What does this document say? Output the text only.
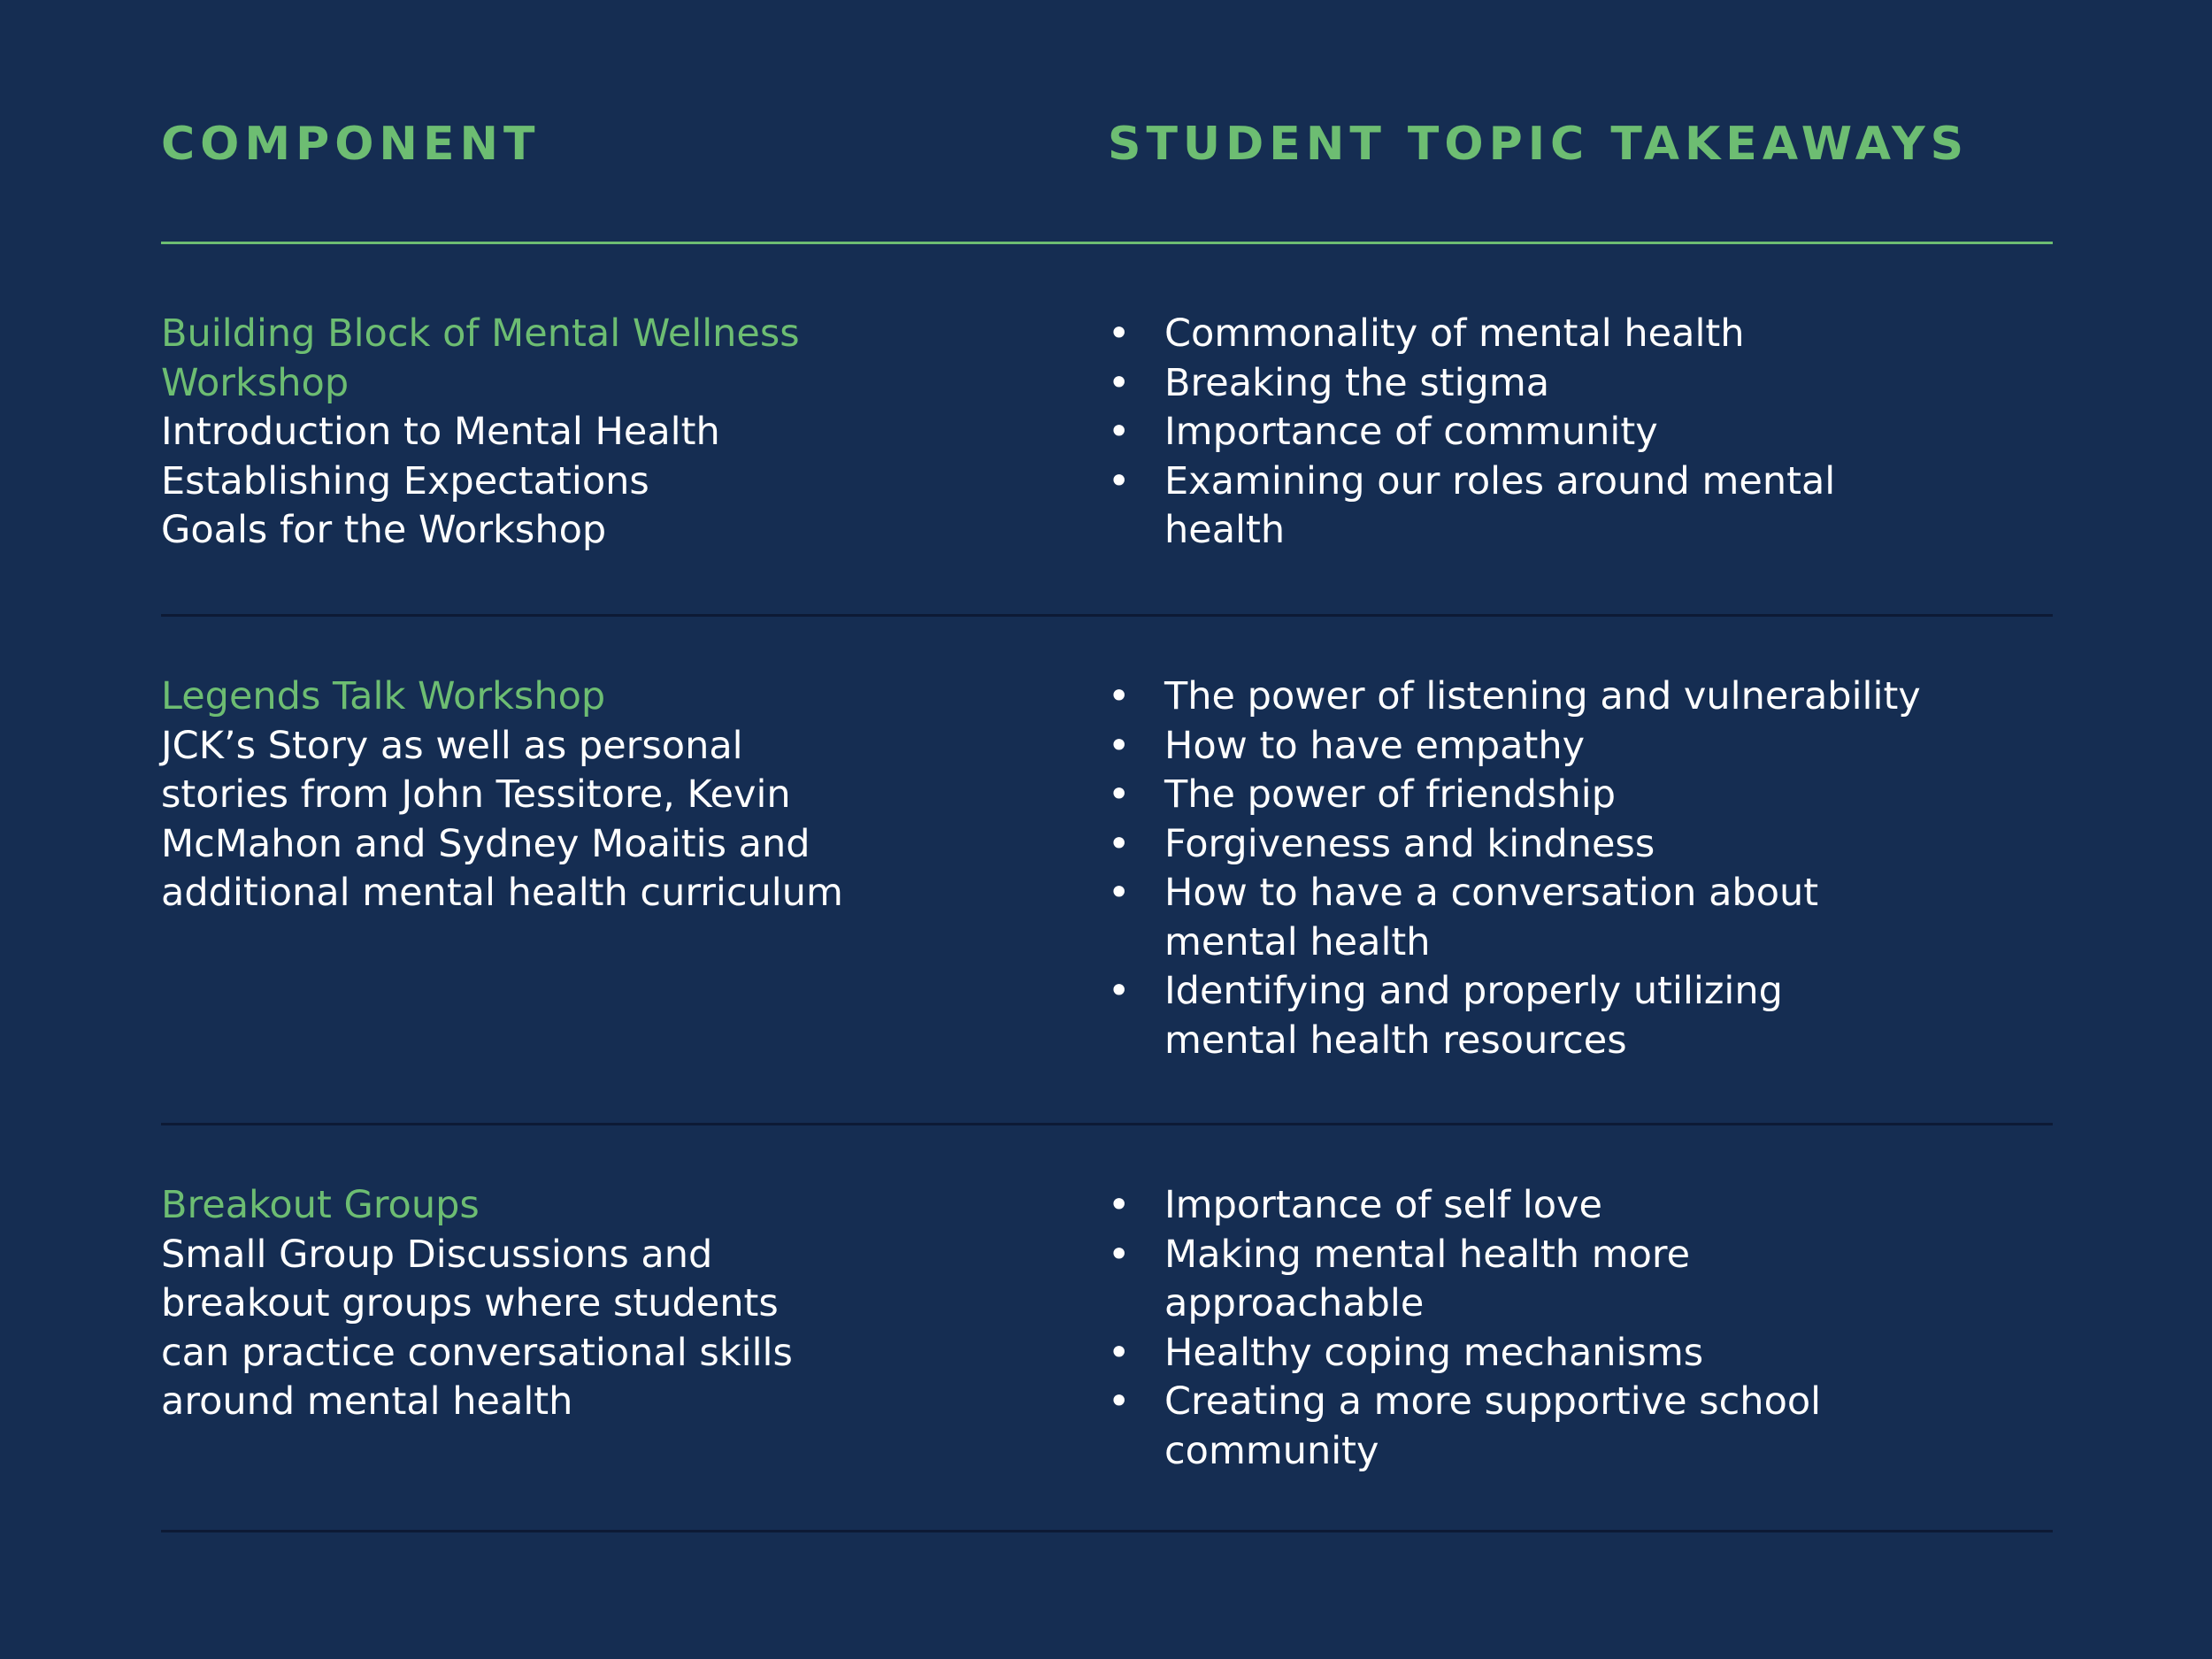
COMPONENT	STUDENT TOPIC TAKEAWAYS
Building Block of Mental Wellness
Workshop
Introduction to Mental Health
Establishing Expectations
Goals for the Workshop
• Commonality of mental health
• Breaking the stigma
• Importance of community
• Examining our roles around mental
health
Legends Talk Workshop
JCK’s Story as well as personal
stories from John Tessitore, Kevin
McMahon and Sydney Moaitis and
additional mental health curriculum
• The power of listening and vulnerability
• How to have empathy
• The power of friendship
• Forgiveness and kindness
• How to have a conversation about
mental health
• Identifying and properly utilizing
mental health resources
Breakout Groups
Small Group Discussions and
breakout groups where students
can practice conversational skills
around mental health
• Importance of self love
• Making mental health more
approachable
• Healthy coping mechanisms
• Creating a more supportive school
community
